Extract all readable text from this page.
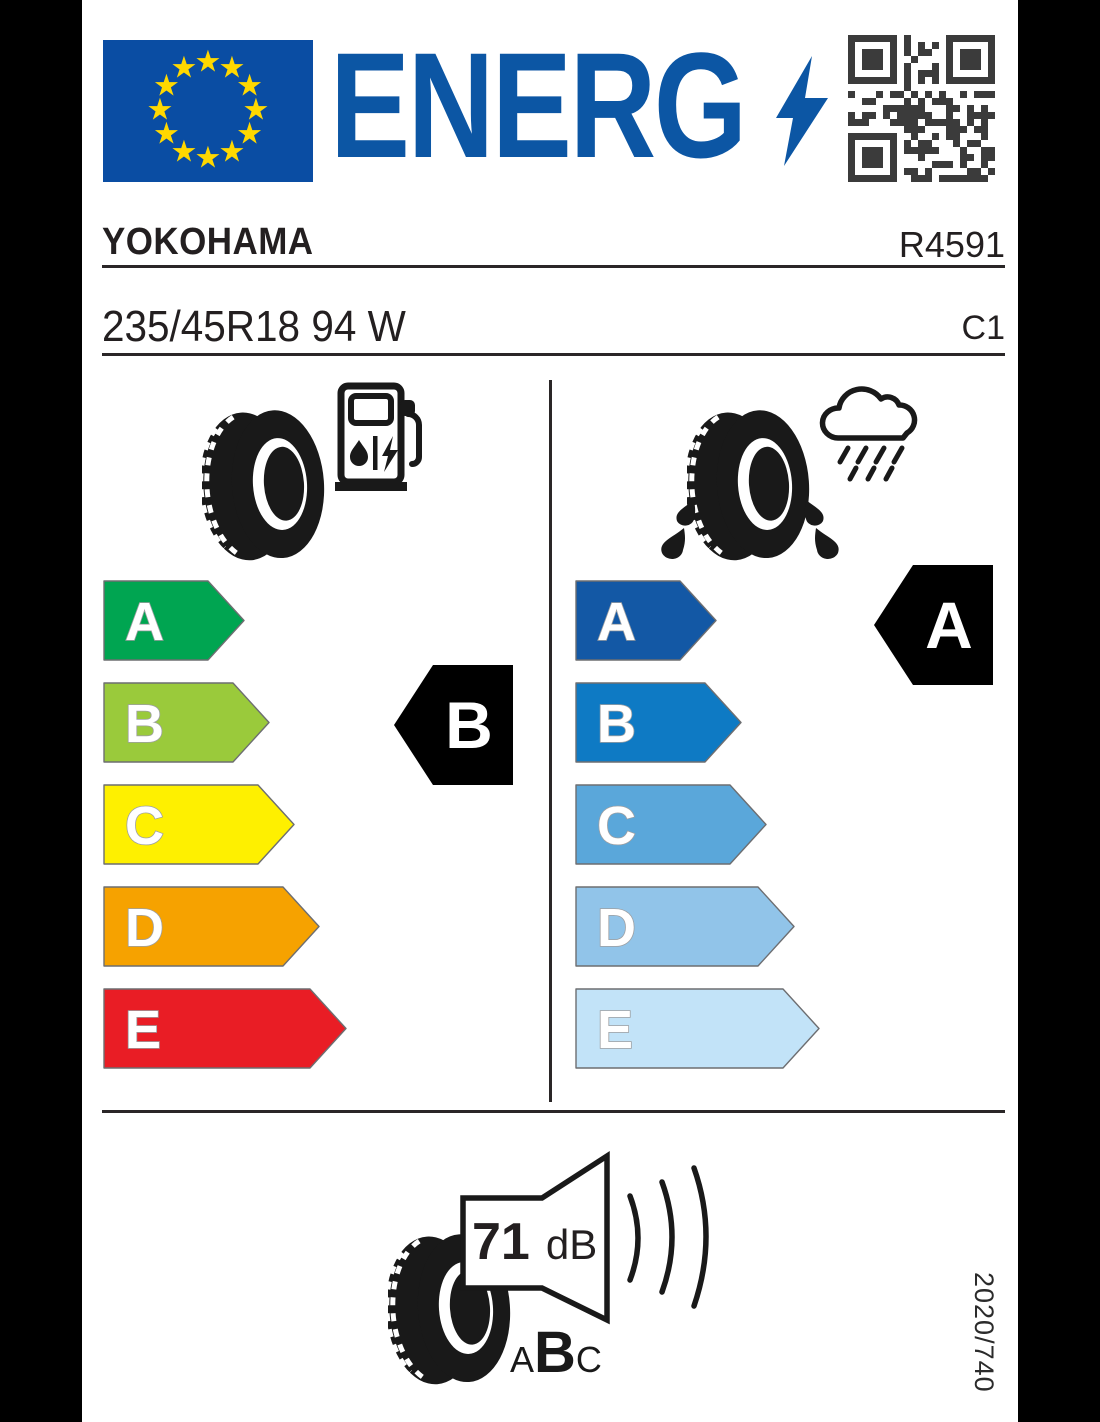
★
★
★
★
★
★
★
★
★
★
★
★ ENERG
YOKOHAMA	R4591
235/45R18 94 W	C1
A
B
C
D
E
A
B
C
D
E
B
A
71 dB
ABC	2020/740
